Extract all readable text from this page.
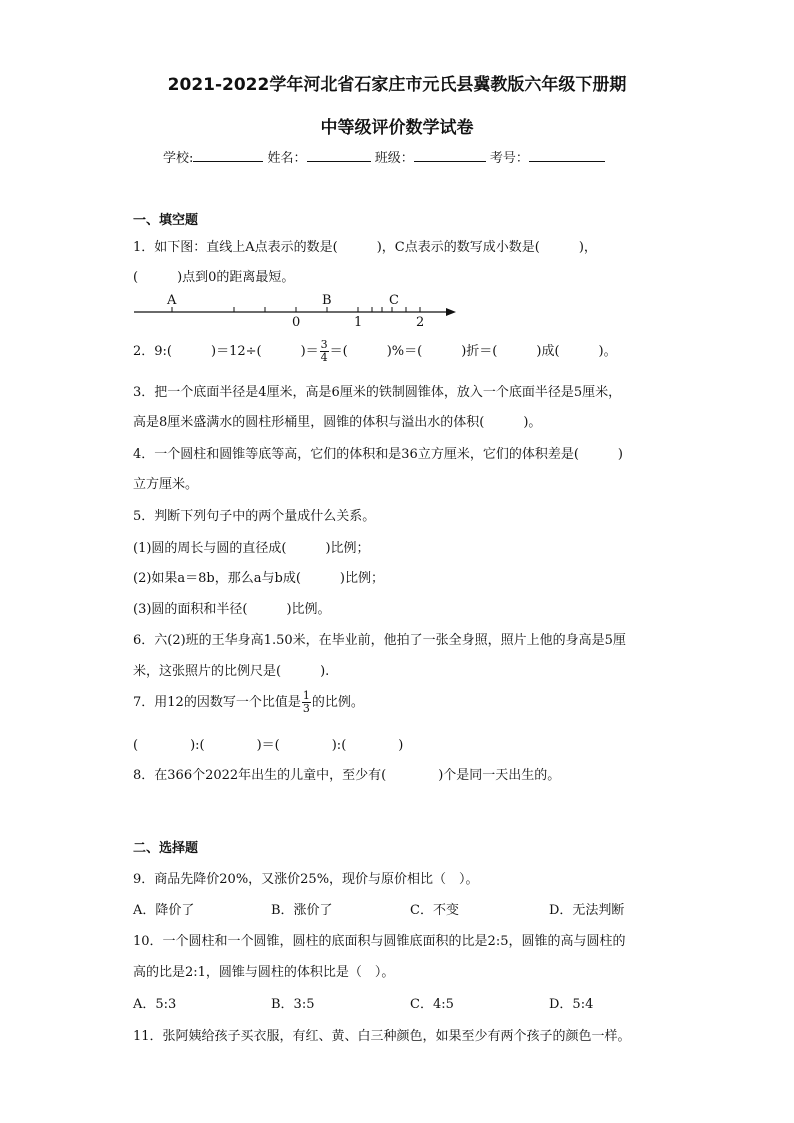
2021-2022学年河北省石家庄市元氏县冀教版六年级下册期
中等级评价数学试卷
学校:	姓名：	班级：	考号：
一、填空题
1．如下图：直线上A点表示的数是(　　　)，C点表示的数写成小数是(　　　)，
(　　　)点到0的距离最短。
A	B	C
0	1	2
2．9:(　　　)＝12÷(　　　)＝ $\frac{3}{4}$ ＝(　　　)%＝(　　　)折＝(　　　)成(　　　)。
3．把一个底面半径是4厘米，高是6厘米的铁制圆锥体，放入一个底面半径是5厘米，
高是8厘米盛满水的圆柱形桶里，圆锥的体积与溢出水的体积(　　　)。
4．一个圆柱和圆锥等底等高，它们的体积和是36立方厘米，它们的体积差是(　　　)
立方厘米。
5．判断下列句子中的两个量成什么关系。
(1)圆的周长与圆的直径成(　　　)比例；
(2)如果a＝8b，那么a与b成(　　　)比例；
(3)圆的面积和半径(　　　)比例。
6．六(2)班的王华身高1.50米，在毕业前，他拍了一张全身照，照片上他的身高是5厘
米，这张照片的比例尺是(　　　).
7．用12的因数写一个比值是 $\frac{1}{3}$ 的比例。
(　　　　):(　　　　)＝(　　　　):(　　　　)
8．在366个2022年出生的儿童中，至少有(　　　　)个是同一天出生的。
二、选择题
9．商品先降价20%，又涨价25%，现价与原价相比（　）。
A．降价了	B．涨价了	C．不变	D．无法判断
10．一个圆柱和一个圆锥，圆柱的底面积与圆锥底面积的比是2:5，圆锥的高与圆柱的
高的比是2:1，圆锥与圆柱的体积比是（　）。
A．5:3	B．3:5	C．4:5	D．5:4
11．张阿姨给孩子买衣服，有红、黄、白三种颜色，如果至少有两个孩子的颜色一样。
